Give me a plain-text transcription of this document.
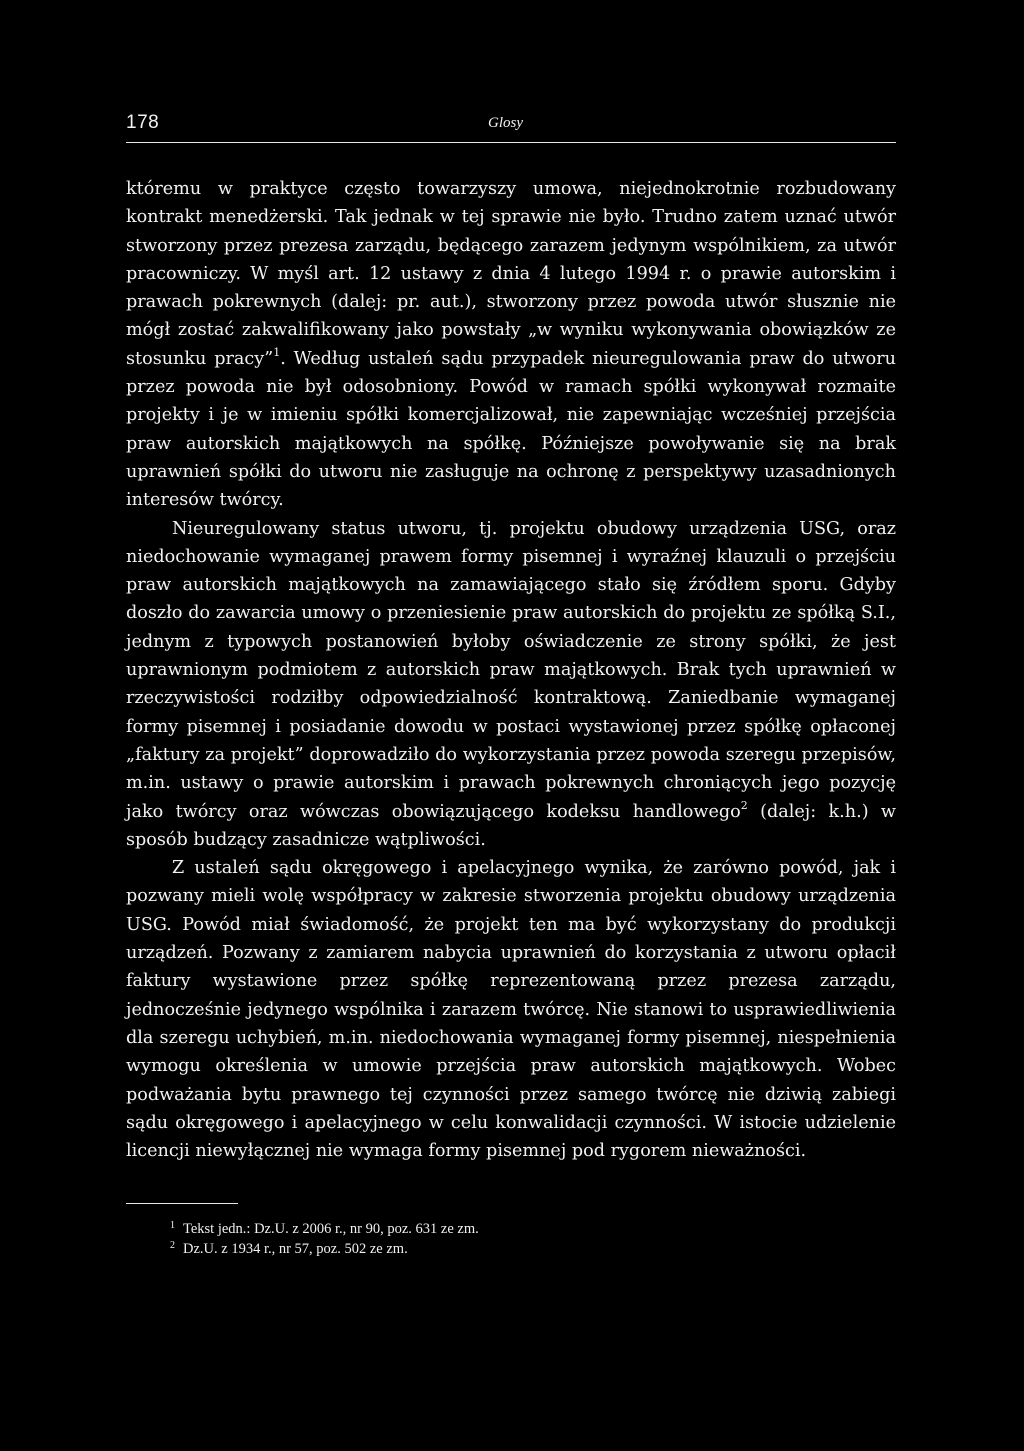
178	Glosy

któremu w praktyce często towarzyszy umowa, niejednokrotnie rozbudowany kontrakt menedżerski. Tak jednak w tej sprawie nie było. Trudno zatem uznać utwór stworzony przez prezesa zarządu, będącego zarazem jedynym wspólnikiem, za utwór pracowniczy. W myśl art. 12 ustawy z dnia 4 lutego 1994 r. o prawie autorskim i prawach pokrewnych (dalej: pr. aut.), stworzony przez powoda utwór słusznie nie mógł zostać zakwalifikowany jako powstały „w wyniku wykonywania obowiązków ze stosunku pracy”$^1$. Według ustaleń sądu przypadek nieuregulowania praw do utworu przez powoda nie był odosobniony. Powód w ramach spółki wykonywał rozmaite projekty i je w imieniu spółki komercjalizował, nie zapewniając wcześniej przejścia praw autorskich majątkowych na spółkę. Późniejsze powoływanie się na brak uprawnień spółki do utworu nie zasługuje na ochronę z perspektywy uzasadnionych interesów twórcy.

Nieuregulowany status utworu, tj. projektu obudowy urządzenia USG, oraz niedochowanie wymaganej prawem formy pisemnej i wyraźnej klauzuli o przejściu praw autorskich majątkowych na zamawiającego stało się źródłem sporu. Gdyby doszło do zawarcia umowy o przeniesienie praw autorskich do projektu ze spółką S.I., jednym z typowych postanowień byłoby oświadczenie ze strony spółki, że jest uprawnionym podmiotem z autorskich praw majątkowych. Brak tych uprawnień w rzeczywistości rodziłby odpowiedzialność kontraktową. Zaniedbanie wymaganej formy pisemnej i posiadanie dowodu w postaci wystawionej przez spółkę opłaconej „faktury za projekt” doprowadziło do wykorzystania przez powoda szeregu przepisów, m.in. ustawy o prawie autorskim i prawach pokrewnych chroniących jego pozycję jako twórcy oraz wówczas obowiązującego kodeksu handlowego$^2$ (dalej: k.h.) w sposób budzący zasadnicze wątpliwości.

Z ustaleń sądu okręgowego i apelacyjnego wynika, że zarówno powód, jak i pozwany mieli wolę współpracy w zakresie stworzenia projektu obudowy urządzenia USG. Powód miał świadomość, że projekt ten ma być wykorzystany do produkcji urządzeń. Pozwany z zamiarem nabycia uprawnień do korzystania z utworu opłacił faktury wystawione przez spółkę reprezentowaną przez prezesa zarządu, jednocześnie jedynego wspólnika i zarazem twórcę. Nie stanowi to usprawiedliwienia dla szeregu uchybień, m.in. niedochowania wymaganej formy pisemnej, niespełnienia wymogu określenia w umowie przejścia praw autorskich majątkowych. Wobec podważania bytu prawnego tej czynności przez samego twórcę nie dziwią zabiegi sądu okręgowego i apelacyjnego w celu konwalidacji czynności. W istocie udzielenie licencji niewyłącznej nie wymaga formy pisemnej pod rygorem nieważności.

$^1$ Tekst jedn.: Dz.U. z 2006 r., nr 90, poz. 631 ze zm.
$^2$ Dz.U. z 1934 r., nr 57, poz. 502 ze zm.
